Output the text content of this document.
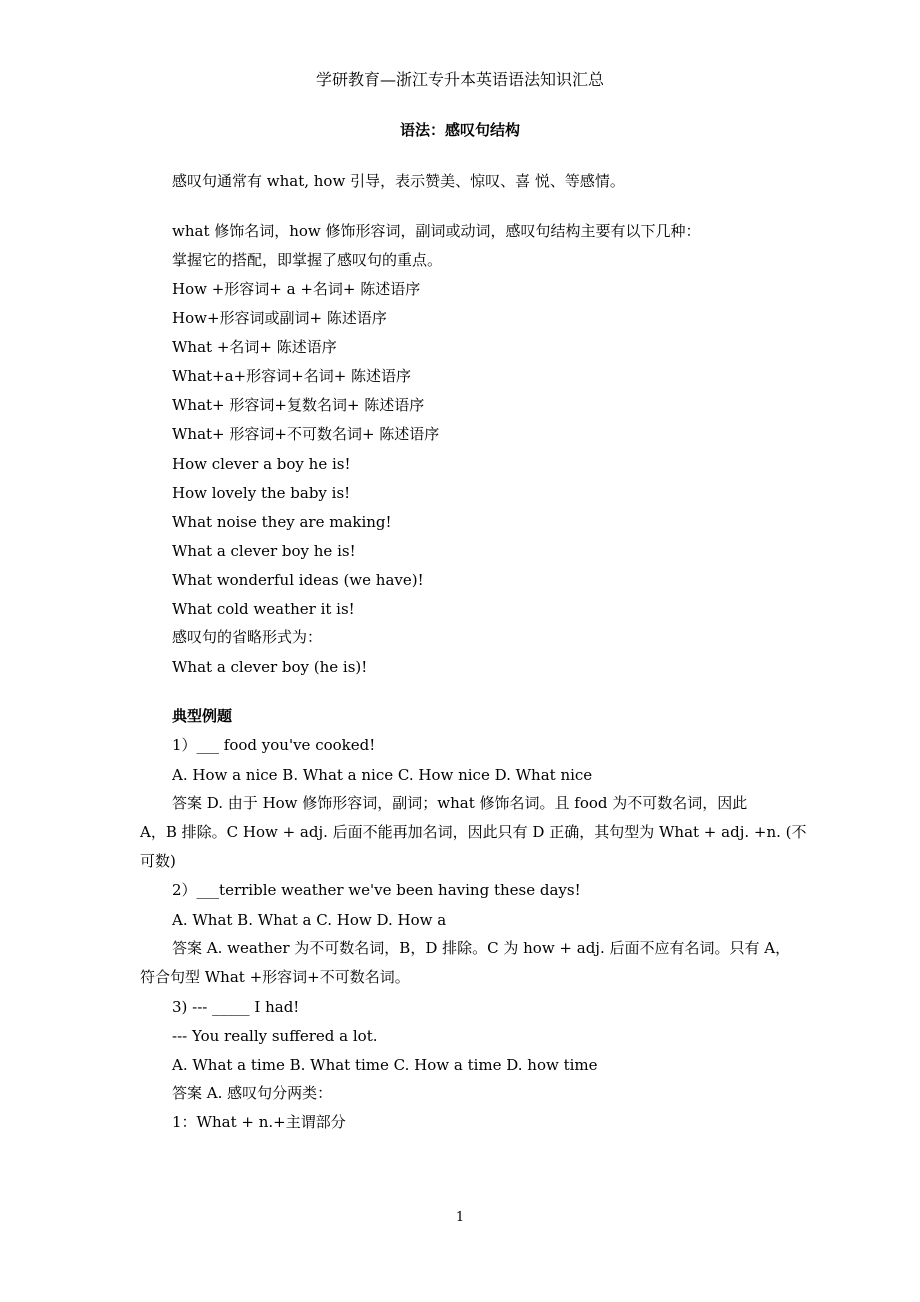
学研教育—浙江专升本英语语法知识汇总
语法：感叹句结构
感叹句通常有 what, how 引导，表示赞美、惊叹、喜 悦、等感情。
what 修饰名词，how 修饰形容词，副词或动词，感叹句结构主要有以下几种：
掌握它的搭配，即掌握了感叹句的重点。
How +形容词+ a +名词+ 陈述语序
How+形容词或副词+ 陈述语序
What +名词+ 陈述语序
What+a+形容词+名词+ 陈述语序
What+ 形容词+复数名词+ 陈述语序
What+ 形容词+不可数名词+ 陈述语序
How clever a boy he is!
How lovely the baby is!
What noise they are making!
What a clever boy he is!
What wonderful ideas (we have)!
What cold weather it is!
感叹句的省略形式为：
What a clever boy (he is)!
典型例题
1）___ food you've cooked!
A. How a nice B. What a nice C. How nice D. What nice
答案 D. 由于 How 修饰形容词，副词；what 修饰名词。且 food 为不可数名词，因此
A，B 排除。C How + adj. 后面不能再加名词，因此只有 D 正确，其句型为 What + adj. +n. (不
可数)
2）___terrible weather we've been having these days!
A. What B. What a C. How D. How a
答案 A. weather 为不可数名词，B，D 排除。C 为 how + adj. 后面不应有名词。只有 A，
符合句型 What +形容词+不可数名词。
3) --- _____ I had!
--- You really suffered a lot.
A. What a time B. What time C. How a time D. how time
答案 A. 感叹句分两类：
1：What + n.+主谓部分
1
